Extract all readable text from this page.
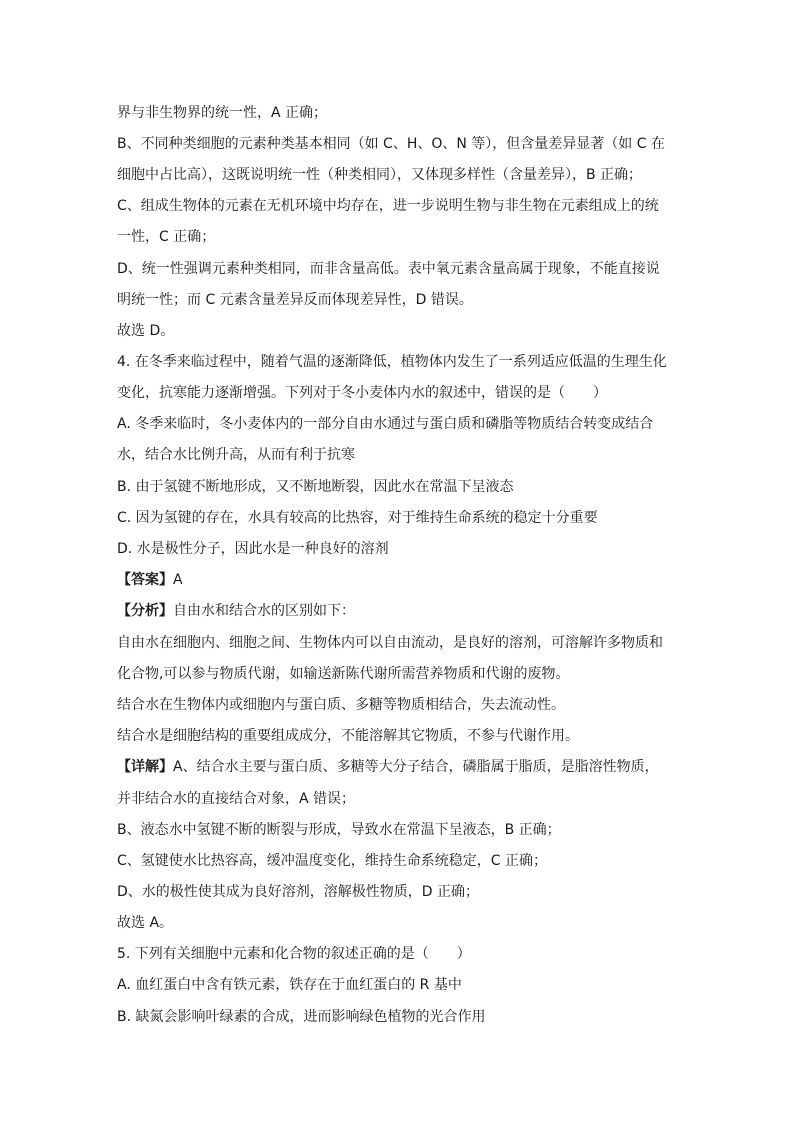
界与非生物界的统一性，A 正确；
B、不同种类细胞的元素种类基本相同（如 C、H、O、N 等），但含量差异显著（如 C 在
细胞中占比高），这既说明统一性（种类相同），又体现多样性（含量差异），B 正确；
C、组成生物体的元素在无机环境中均存在，进一步说明生物与非生物在元素组成上的统
一性，C 正确；
D、统一性强调元素种类相同，而非含量高低。表中氧元素含量高属于现象，不能直接说
明统一性；而 C 元素含量差异反而体现差异性，D 错误。
故选 D。
4. 在冬季来临过程中，随着气温的逐渐降低，植物体内发生了一系列适应低温的生理生化
变化，抗寒能力逐渐增强。下列对于冬小麦体内水的叙述中，错误的是（　　）
A. 冬季来临时，冬小麦体内的一部分自由水通过与蛋白质和磷脂等物质结合转变成结合
水，结合水比例升高，从而有利于抗寒
B. 由于氢键不断地形成，又不断地断裂，因此水在常温下呈液态
C. 因为氢键的存在，水具有较高的比热容，对于维持生命系统的稳定十分重要
D. 水是极性分子，因此水是一种良好的溶剂
【答案】A
【分析】自由水和结合水的区别如下：
自由水在细胞内、细胞之间、生物体内可以自由流动，是良好的溶剂，可溶解许多物质和
化合物,可以参与物质代谢，如输送新陈代谢所需营养物质和代谢的废物。
结合水在生物体内或细胞内与蛋白质、多糖等物质相结合，失去流动性。
结合水是细胞结构的重要组成成分，不能溶解其它物质，不参与代谢作用。
【详解】A、结合水主要与蛋白质、多糖等大分子结合，磷脂属于脂质，是脂溶性物质，
并非结合水的直接结合对象，A 错误；
B、液态水中氢键不断的断裂与形成，导致水在常温下呈液态，B 正确；
C、氢键使水比热容高，缓冲温度变化，维持生命系统稳定，C 正确；
D、水的极性使其成为良好溶剂，溶解极性物质，D 正确；
故选 A。
5. 下列有关细胞中元素和化合物的叙述正确的是（　　）
A. 血红蛋白中含有铁元素，铁存在于血红蛋白的 R 基中
B. 缺氮会影响叶绿素的合成，进而影响绿色植物的光合作用
